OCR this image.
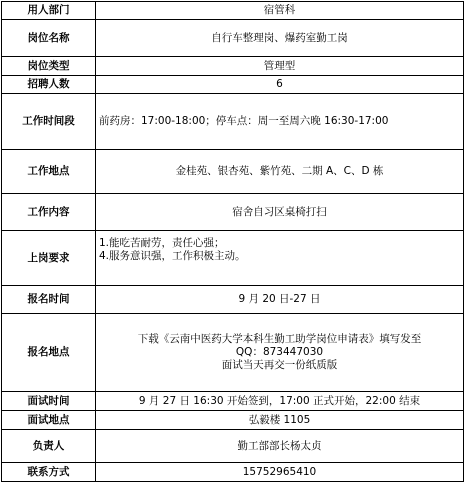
用人部门	宿管科
岗位名称	自行车整理岗、爆药室勤工岗
岗位类型	管理型
招聘人数	6
工作时间段	前药房：17:00-18:00；停车点：周一至周六晚 16:30-17:00
工作地点	金桂苑、银杏苑、紫竹苑、二期 A、C、D 栋
工作内容	宿舍自习区桌椅打扫
上岗要求	1.能吃苦耐劳，责任心强；
4.服务意识强，工作积极主动。

报名时间	9 月 20 日-27 日
报名地点	下载《云南中医药大学本科生勤工助学岗位申请表》填写发至
QQ：873447030
面试当天再交一份纸质版

面试时间	9 月 27 日 16:30 开始签到，17:00 正式开始，22:00 结束
面试地点	弘毅楼 1105
负责人	勤工部部长杨太贞
联系方式	15752965410
